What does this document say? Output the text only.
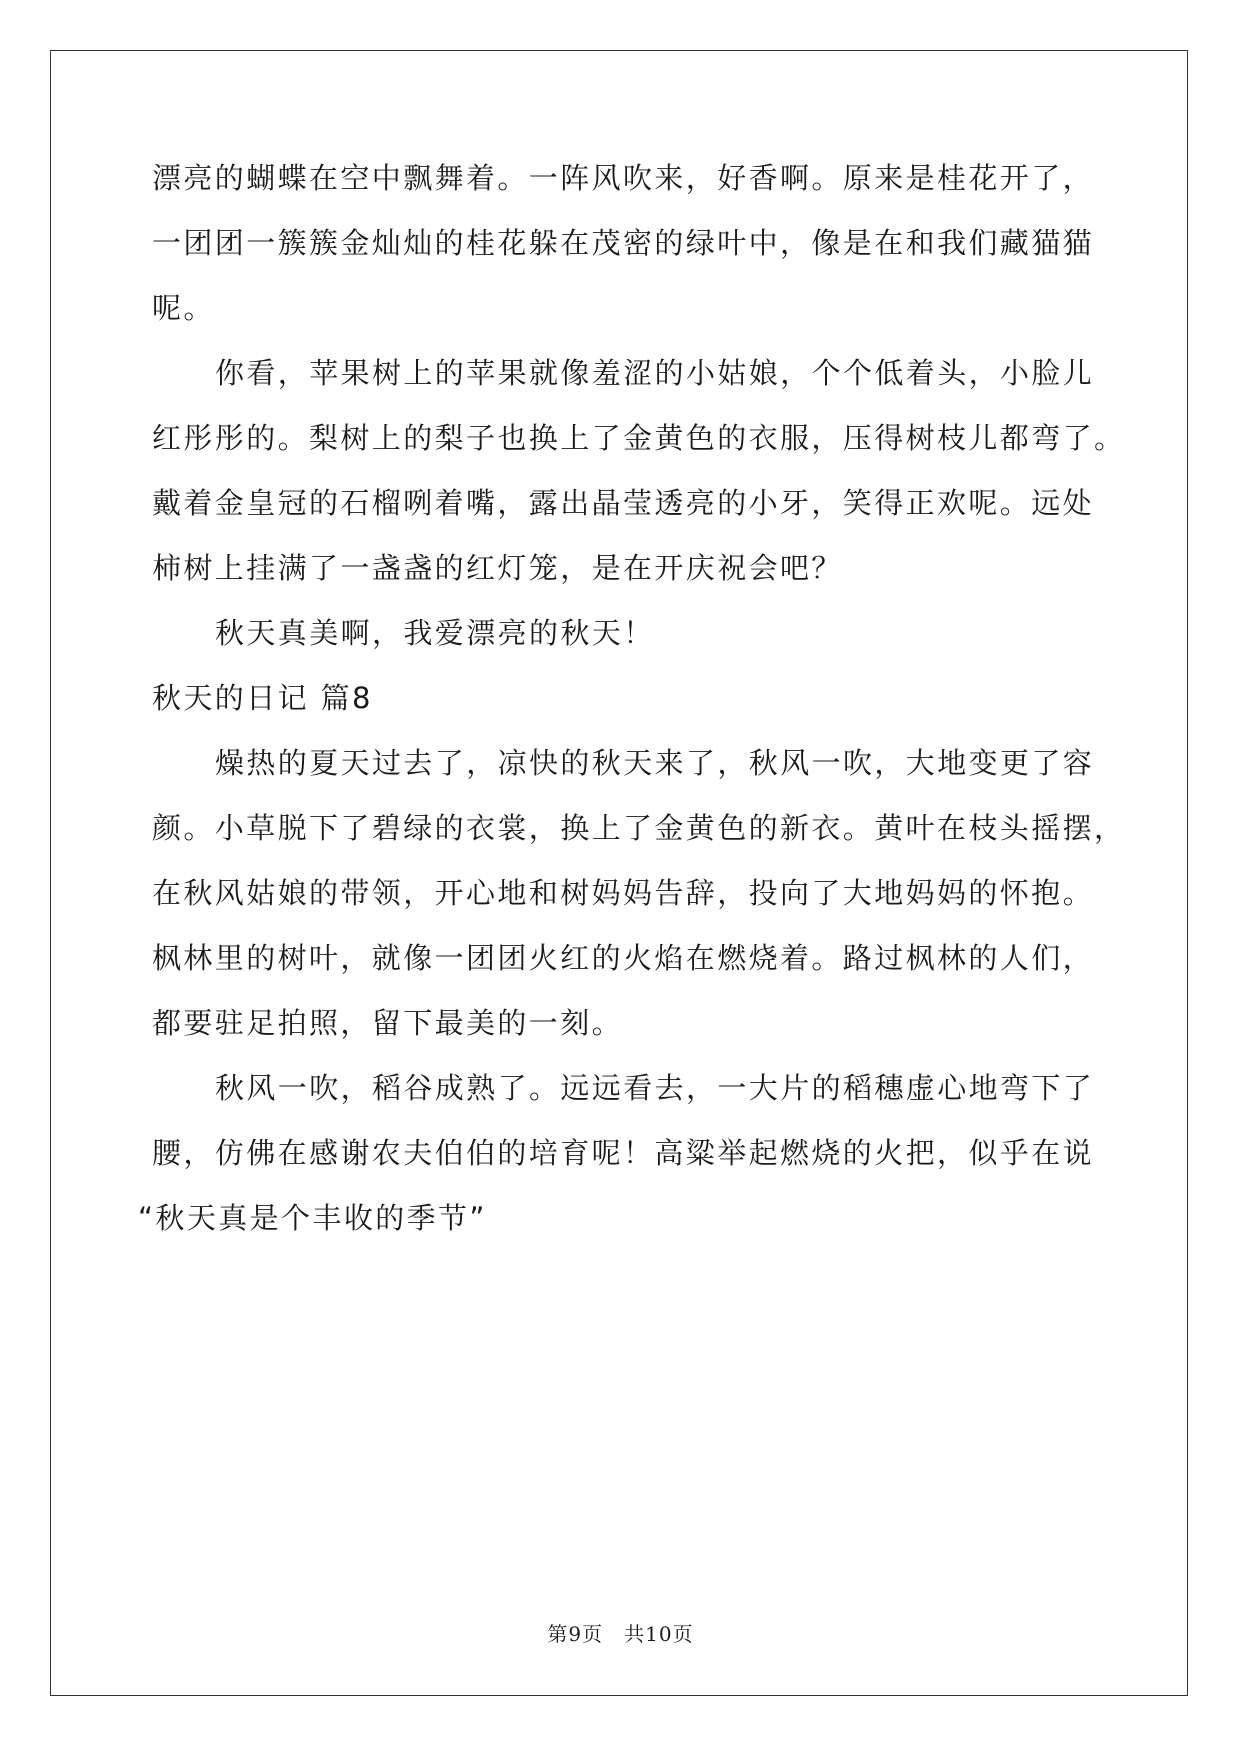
漂亮的蝴蝶在空中飘舞着。一阵风吹来，好香啊。原来是桂花开了，
一团团一簇簇金灿灿的桂花躲在茂密的绿叶中，像是在和我们藏猫猫
呢。
你看，苹果树上的苹果就像羞涩的小姑娘，个个低着头，小脸儿
红彤彤的。梨树上的梨子也换上了金黄色的衣服，压得树枝儿都弯了。
戴着金皇冠的石榴咧着嘴，露出晶莹透亮的小牙，笑得正欢呢。远处
柿树上挂满了一盏盏的红灯笼，是在开庆祝会吧？
秋天真美啊，我爱漂亮的秋天！
秋天的日记 篇8
燥热的夏天过去了，凉快的秋天来了，秋风一吹，大地变更了容
颜。小草脱下了碧绿的衣裳，换上了金黄色的新衣。黄叶在枝头摇摆，
在秋风姑娘的带领，开心地和树妈妈告辞，投向了大地妈妈的怀抱。
枫林里的树叶，就像一团团火红的火焰在燃烧着。路过枫林的人们，
都要驻足拍照，留下最美的一刻。
秋风一吹，稻谷成熟了。远远看去，一大片的稻穗虚心地弯下了
腰，仿佛在感谢农夫伯伯的培育呢！高粱举起燃烧的火把，似乎在说
“秋天真是个丰收的季节”
第9页　共10页
